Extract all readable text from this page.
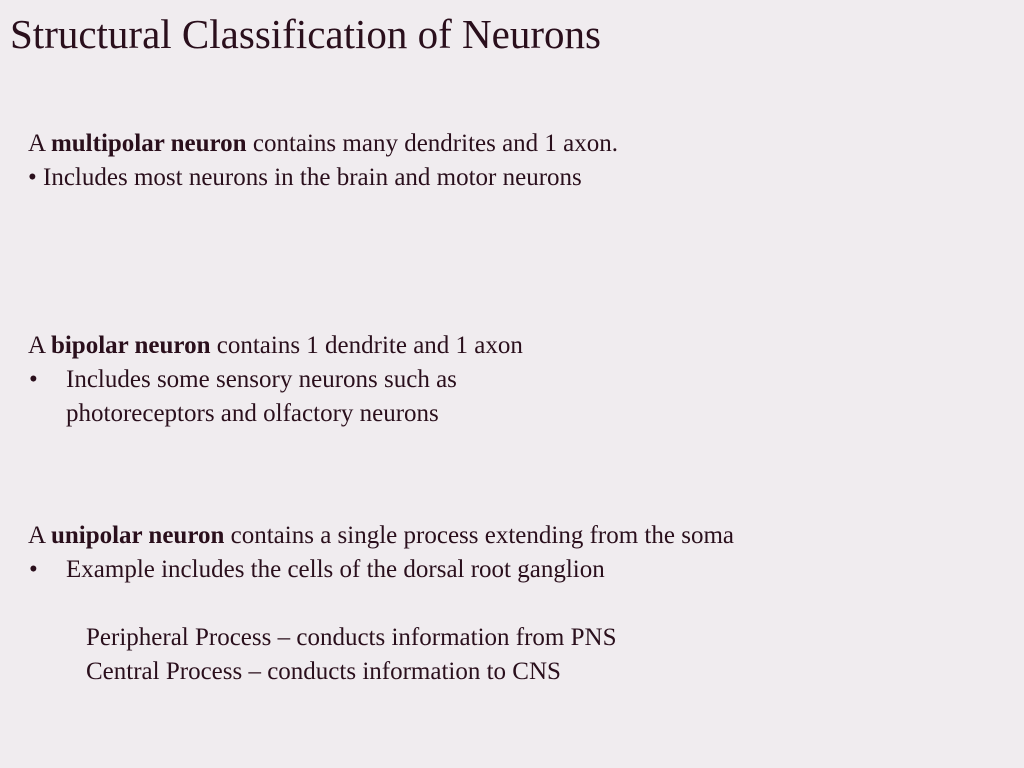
Structural Classification of Neurons
A multipolar neuron contains many dendrites and 1 axon.
• Includes most neurons in the brain and motor neurons
A bipolar neuron contains 1 dendrite and 1 axon
• Includes some sensory neurons such as
photoreceptors and olfactory neurons
A unipolar neuron contains a single process extending from the soma
• Example includes the cells of the dorsal root ganglion
Peripheral Process – conducts information from PNS
Central Process – conducts information to CNS
